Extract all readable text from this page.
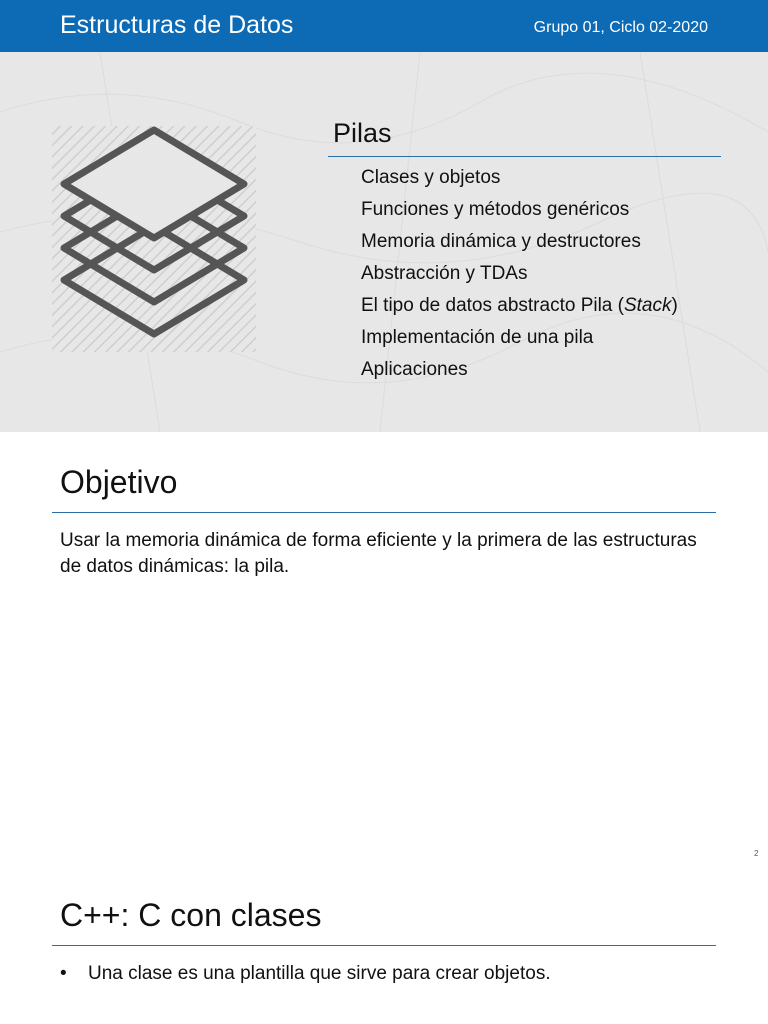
Estructuras de Datos	Grupo 01, Ciclo 02-2020
Pilas
Clases y objetos
Funciones y métodos genéricos
Memoria dinámica y destructores
Abstracción y TDAs
El tipo de datos abstracto Pila (Stack)
Implementación de una pila
Aplicaciones
Objetivo
Usar la memoria dinámica de forma eficiente y la primera de las estructuras de datos dinámicas: la pila.
2
C++: C con clases
• Una clase es una plantilla que sirve para crear objetos.
